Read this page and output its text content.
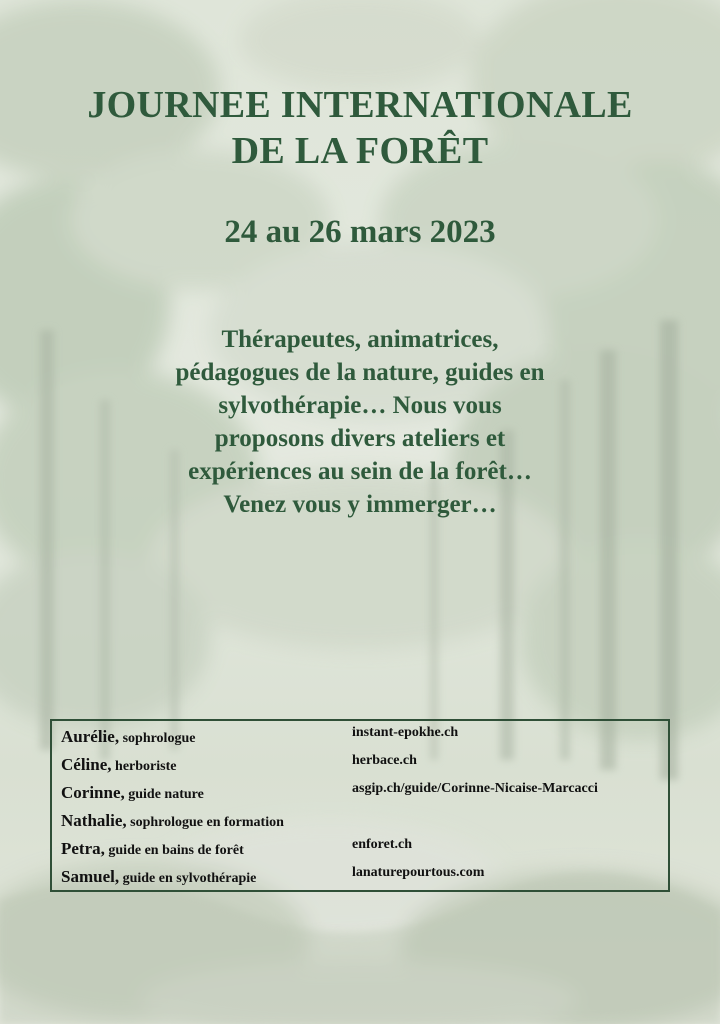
JOURNEE INTERNATIONALE
DE LA FORÊT
24 au 26 mars 2023
Thérapeutes, animatrices,
pédagogues de la nature, guides en
sylvothérapie… Nous vous
proposons divers ateliers et
expériences au sein de la forêt…
Venez vous y immerger…
Aurélie, sophrologue	instant-epokhe.ch
Céline, herboriste	herbace.ch
Corinne, guide nature	asgip.ch/guide/Corinne-Nicaise-Marcacci
Nathalie, sophrologue en formation
Petra, guide en bains de forêt	enforet.ch
Samuel, guide en sylvothérapie	lanaturepourtous.com
